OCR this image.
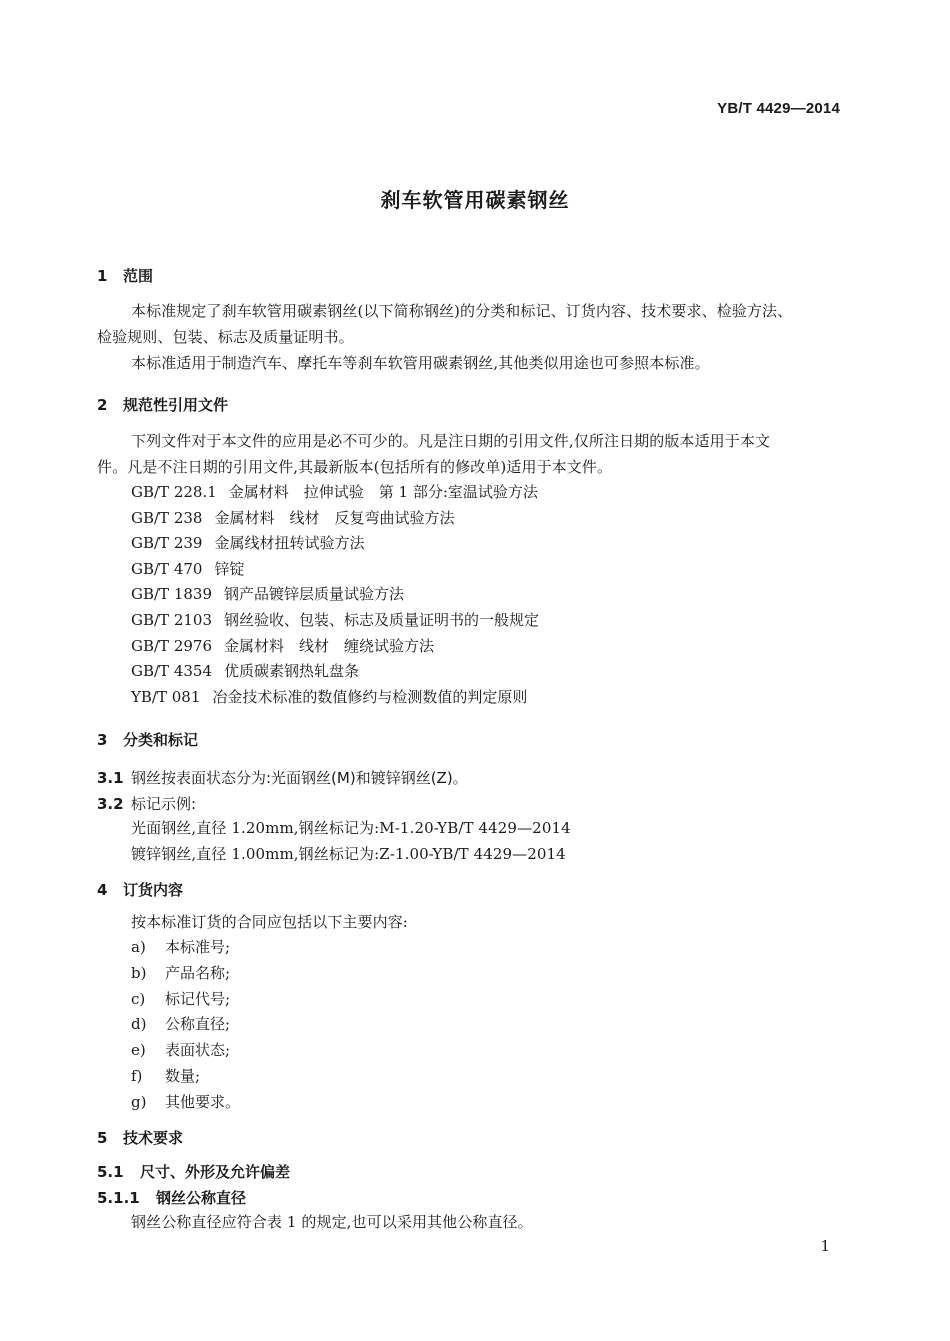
YB/T 4429—2014
刹车软管用碳素钢丝
1 范围
本标准规定了刹车软管用碳素钢丝(以下简称钢丝)的分类和标记、订货内容、技术要求、检验方法、
检验规则、包装、标志及质量证明书。
本标准适用于制造汽车、摩托车等刹车软管用碳素钢丝,其他类似用途也可参照本标准。
2 规范性引用文件
下列文件对于本文件的应用是必不可少的。凡是注日期的引用文件,仅所注日期的版本适用于本文
件。凡是不注日期的引用文件,其最新版本(包括所有的修改单)适用于本文件。
GB/T 228.1 金属材料　拉伸试验　第 1 部分:室温试验方法
GB/T 238 金属材料　线材　反复弯曲试验方法
GB/T 239 金属线材扭转试验方法
GB/T 470 锌锭
GB/T 1839 钢产品镀锌层质量试验方法
GB/T 2103 钢丝验收、包装、标志及质量证明书的一般规定
GB/T 2976 金属材料　线材　缠绕试验方法
GB/T 4354 优质碳素钢热轧盘条
YB/T 081 冶金技术标准的数值修约与检测数值的判定原则
3 分类和标记
3.1 钢丝按表面状态分为:光面钢丝(M)和镀锌钢丝(Z)。
3.2 标记示例:
光面钢丝,直径 1.20mm,钢丝标记为:M-1.20-YB/T 4429—2014
镀锌钢丝,直径 1.00mm,钢丝标记为:Z-1.00-YB/T 4429—2014
4 订货内容
按本标准订货的合同应包括以下主要内容:
a) 本标准号;
b) 产品名称;
c) 标记代号;
d) 公称直径;
e) 表面状态;
f) 数量;
g) 其他要求。
5 技术要求
5.1 尺寸、外形及允许偏差
5.1.1 钢丝公称直径
钢丝公称直径应符合表 1 的规定,也可以采用其他公称直径。
1
